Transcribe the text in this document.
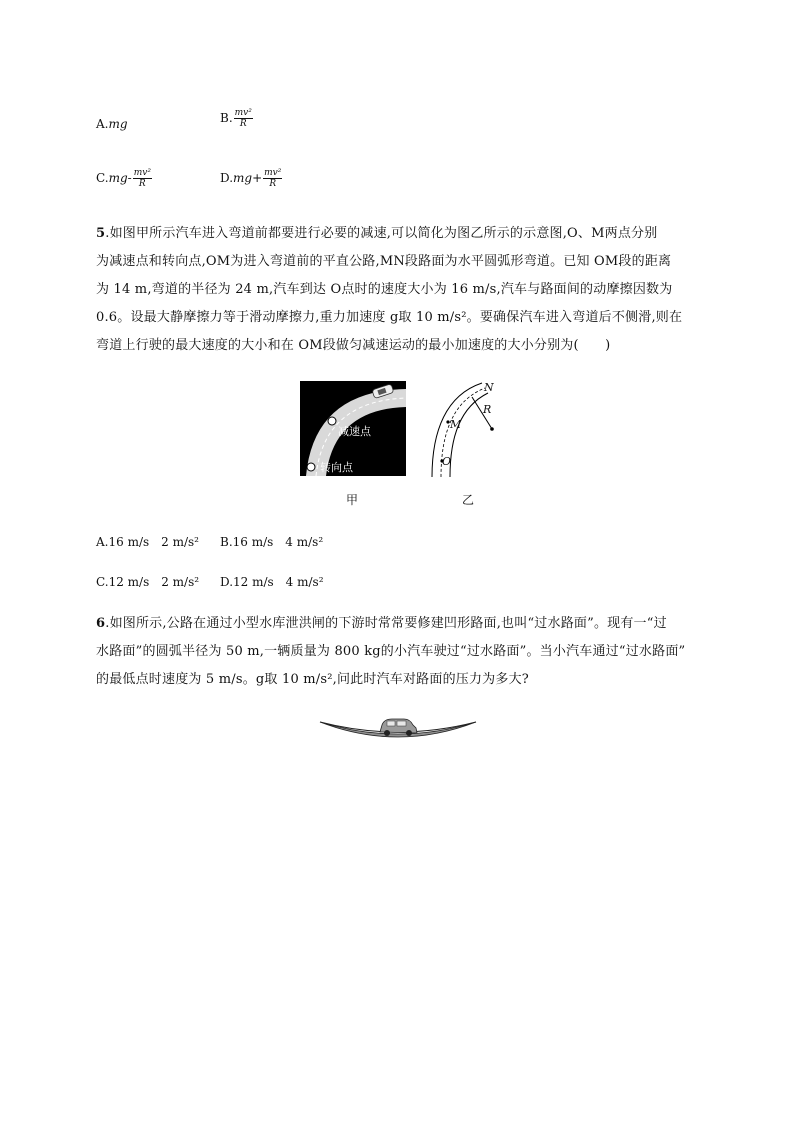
A.mg	B. $\frac{\text{mv²}}{R}$
$C.mg- \frac{\text{mv²}}{R}$	$D.mg+ \frac{\text{mv²}}{R}$
5.如图甲所示汽车进入弯道前都要进行必要的减速,可以简化为图乙所示的示意图,O、M两点分别
为减速点和转向点,OM为进入弯道前的平直公路,MN段路面为水平圆弧形弯道。已知 OM段的距离
为 14 m,弯道的半径为 24 m,汽车到达 O点时的速度大小为 16 m/s,汽车与路面间的动摩擦因数为
0.6。设最大静摩擦力等于滑动摩擦力,重力加速度 g取 10 m/s²。要确保汽车进入弯道后不侧滑,则在
弯道上行驶的最大速度的大小和在 OM段做匀减速运动的最小加速度的大小分别为(　　)
减速点
转向点
N
R
M
O
甲	乙
A.16 m/s　2 m/s² B.16 m/s　4 m/s²
C.12 m/s　2 m/s² D.12 m/s　4 m/s²
6.如图所示,公路在通过小型水库泄洪闸的下游时常常要修建凹形路面,也叫“过水路面”。现有一“过
水路面”的圆弧半径为 50 m,一辆质量为 800 kg的小汽车驶过“过水路面”。当小汽车通过“过水路面”
的最低点时速度为 5 m/s。g取 10 m/s²,问此时汽车对路面的压力为多大?
